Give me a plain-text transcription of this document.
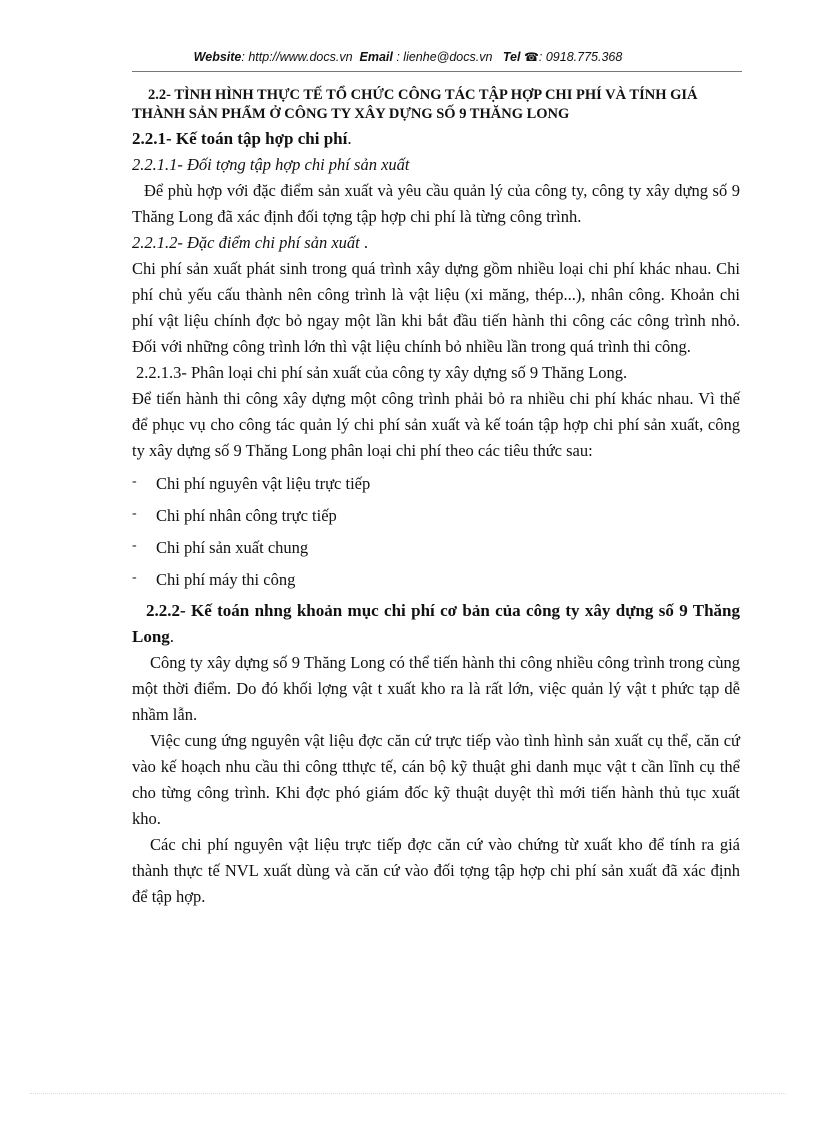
Website: http://www.docs.vn Email : lienhe@docs.vn Tel ☎: 0918.775.368

2.2- TÌNH HÌNH THỰC TẾ TỔ CHỨC CÔNG TÁC TẬP HỢP CHI PHÍ VÀ TÍNH GIÁ THÀNH SẢN PHẨM Ở CÔNG TY XÂY DỰNG SỐ 9 THĂNG LONG

2.2.1- Kế toán tập hợp chi phí.

2.2.1.1- Đối tợng tập hợp chi phí sản xuất

Để phù hợp với đặc điểm sản xuất và yêu cầu quản lý của công ty, công ty xây dựng số 9 Thăng Long đã xác định đối tợng tập hợp chi phí là từng công trình.

2.2.1.2- Đặc điểm chi phí sản xuất .

Chi phí sản xuất phát sinh trong quá trình xây dựng gồm nhiều loại chi phí khác nhau. Chi phí chủ yếu cấu thành nên công trình là vật liệu (xi măng, thép...), nhân công. Khoản chi phí vật liệu chính đợc bỏ ngay một lần khi bắt đầu tiến hành thi công các công trình nhỏ. Đối với những công trình lớn thì vật liệu chính bỏ nhiều lần trong quá trình thi công.

2.2.1.3- Phân loại chi phí sản xuất của công ty xây dựng số 9 Thăng Long.

Để tiến hành thi công xây dựng một công trình phải bỏ ra nhiều chi phí khác nhau. Vì thế để phục vụ cho công tác quản lý chi phí sản xuất và kế toán tập hợp chi phí sản xuất, công ty xây dựng số 9 Thăng Long phân loại chi phí theo các tiêu thức sau:

- Chi phí nguyên vật liệu trực tiếp
- Chi phí nhân công trực tiếp
- Chi phí sản xuất chung
- Chi phí máy thi công

2.2.2- Kế toán nhng khoản mục chi phí cơ bản của công ty xây dựng số 9 Thăng Long.

Công ty xây dựng số 9 Thăng Long có thể tiến hành thi công nhiều công trình trong cùng một thời điểm. Do đó khối lợng vật t xuất kho ra là rất lớn, việc quản lý vật t phức tạp dễ nhầm lẫn.

Việc cung ứng nguyên vật liệu đợc căn cứ trực tiếp vào tình hình sản xuất cụ thể, căn cứ vào kế hoạch nhu cầu thi công tthực tế, cán bộ kỹ thuật ghi danh mục vật t cần lĩnh cụ thể cho từng công trình. Khi đợc phó giám đốc kỹ thuật duyệt thì mới tiến hành thủ tục xuất kho.

Các chi phí nguyên vật liệu trực tiếp đợc căn cứ vào chứng từ xuất kho để tính ra giá thành thực tế NVL xuất dùng và căn cứ vào đối tợng tập hợp chi phí sản xuất đã xác định để tập hợp.
